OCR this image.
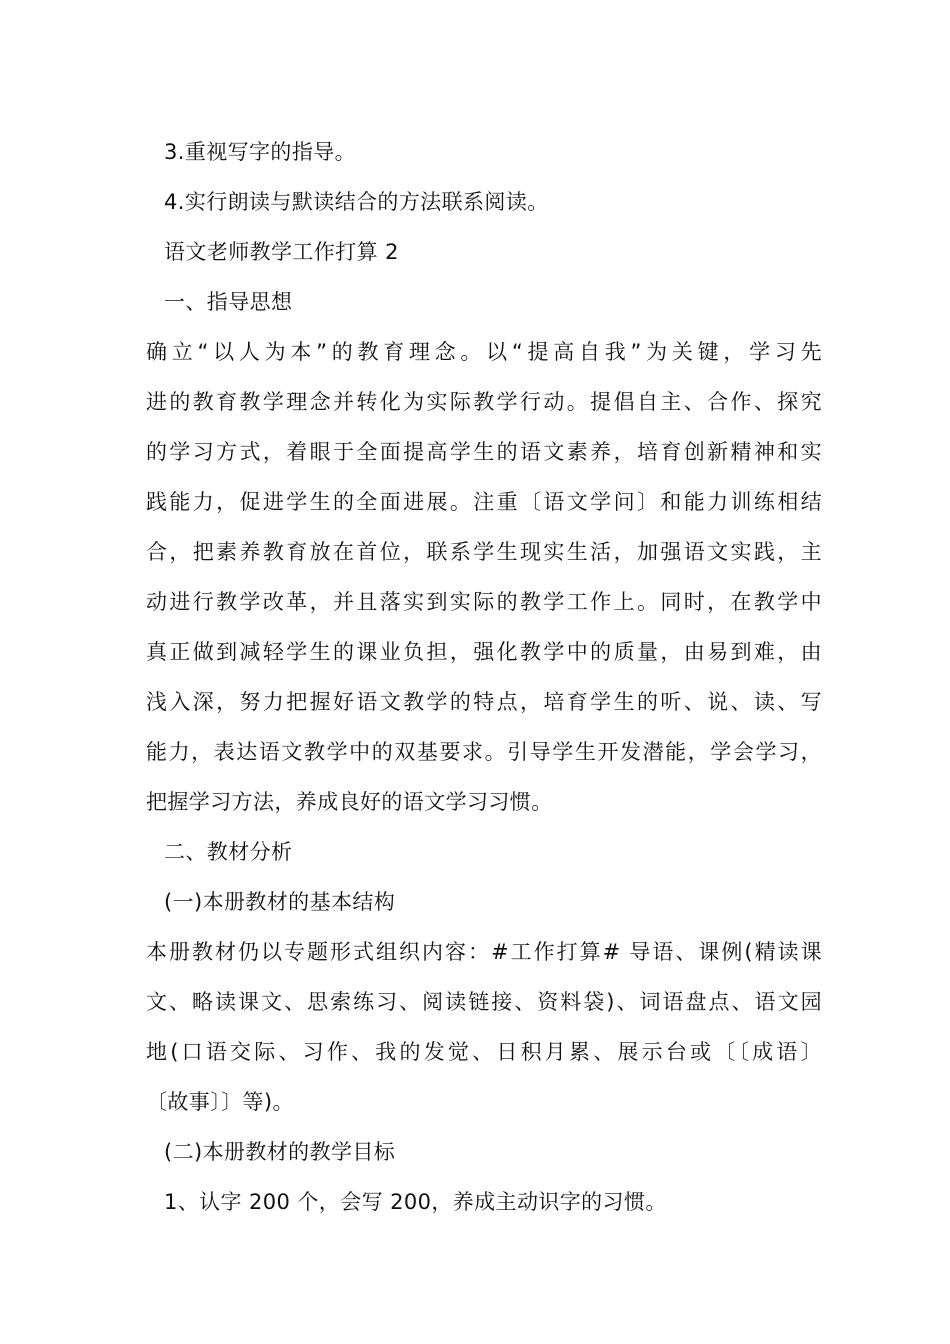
3.重视写字的指导。
4.实行朗读与默读结合的方法联系阅读。
语文老师教学工作打算 2
一、指导思想
确立“以人为本”的教育理念。以“提高自我”为关键，学习先
进的教育教学理念并转化为实际教学行动。提倡自主、合作、探究
的学习方式，着眼于全面提高学生的语文素养，培育创新精神和实
践能力，促进学生的全面进展。注重〔语文学问〕和能力训练相结
合，把素养教育放在首位，联系学生现实生活，加强语文实践，主
动进行教学改革，并且落实到实际的教学工作上。同时，在教学中
真正做到减轻学生的课业负担，强化教学中的质量，由易到难，由
浅入深，努力把握好语文教学的特点，培育学生的听、说、读、写
能力，表达语文教学中的双基要求。引导学生开发潜能，学会学习，
把握学习方法，养成良好的语文学习习惯。
二、教材分析
(一)本册教材的基本结构
本册教材仍以专题形式组织内容：#工作打算# 导语、课例(精读课
文、略读课文、思索练习、阅读链接、资料袋)、词语盘点、语文园
地(口语交际、习作、我的发觉、日积月累、展示台或〔〔成语〕
〔故事〕〕等)。
(二)本册教材的教学目标
1、认字 200 个，会写 200，养成主动识字的习惯。
